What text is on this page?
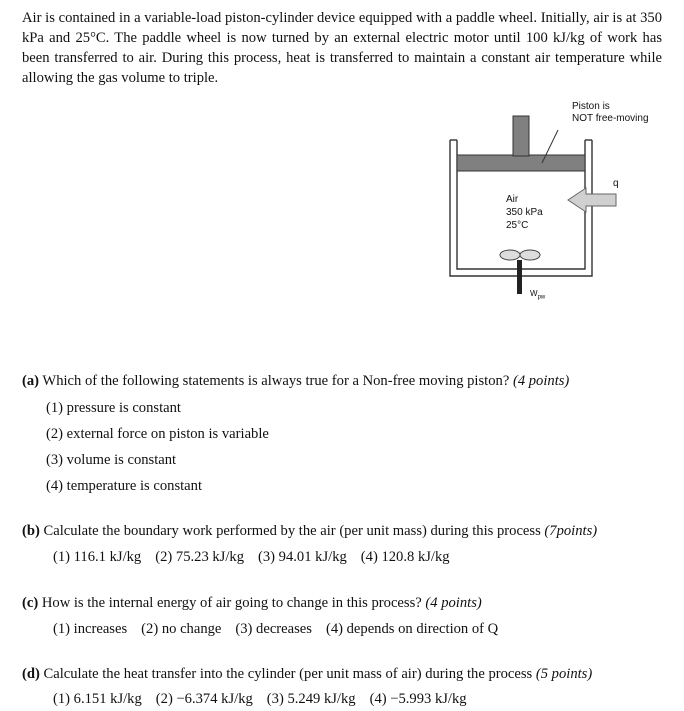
Air is contained in a variable-load piston-cylinder device equipped with a paddle wheel. Initially, air is at 350 kPa and 25°C. The paddle wheel is now turned by an external electric motor until 100 kJ/kg of work has been transferred to air. During this process, heat is transferred to maintain a constant air temperature while allowing the gas volume to triple.
Piston is
NOT free-moving
q
Air
350 kPa
25°C
$W_{pw}$
(a) Which of the following statements is always true for a Non-free moving piston? (4 points)
(1) pressure is constant
(2) external force on piston is variable
(3) volume is constant
(4) temperature is constant
(b) Calculate the boundary work performed by the air (per unit mass) during this process (7points)
(1) 116.1 kJ/kg (2) 75.23 kJ/kg (3) 94.01 kJ/kg (4) 120.8 kJ/kg
(c) How is the internal energy of air going to change in this process? (4 points)
(1) increases (2) no change (3) decreases (4) depends on direction of Q
(d) Calculate the heat transfer into the cylinder (per unit mass of air) during the process (5 points)
(1) 6.151 kJ/kg (2) −6.374 kJ/kg (3) 5.249 kJ/kg (4) −5.993 kJ/kg
